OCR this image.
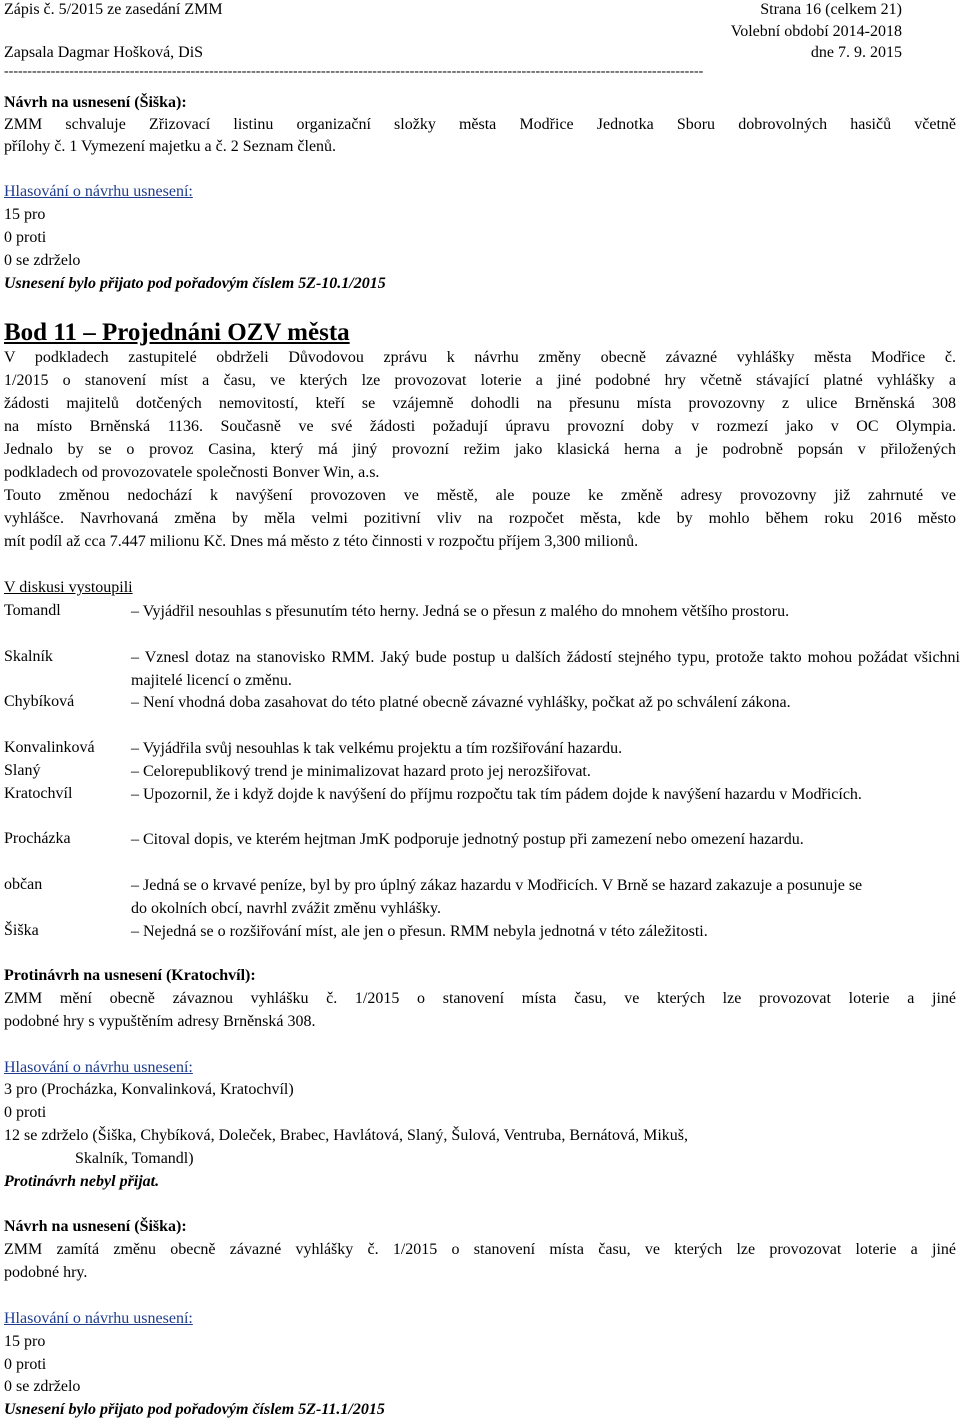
Zápis č. 5/2015 ze zasedání ZMM	Strana 16 (celkem 21)
Volební období 2014-2018
Zapsala Dagmar Hošková, DiS	dne 7. 9. 2015
------------------------------------------------------------------------------------------------------------------------------------------------------
Návrh na usnesení (Šiška):
ZMM schvaluje Zřizovací listinu organizační složky města Modřice Jednotka Sboru dobrovolných hasičů včetně
přílohy č. 1 Vymezení majetku a č. 2 Seznam členů.
Hlasování o návrhu usnesení:
15 pro
0 proti
0 se zdrželo
Usnesení bylo přijato pod pořadovým číslem 5Z-10.1/2015
Bod 11 – Projednáni OZV města
V podkladech zastupitelé obdrželi Důvodovou zprávu k návrhu změny obecně závazné vyhlášky města Modřice č.
1/2015 o stanovení míst a času, ve kterých lze provozovat loterie a jiné podobné hry včetně stávající platné vyhlášky a
žádosti majitelů dotčených nemovitostí, kteří se vzájemně dohodli na přesunu místa provozovny z ulice Brněnská 308
na místo Brněnská 1136. Současně ve své žádosti požadují úpravu provozní doby v rozmezí jako v OC Olympia.
Jednalo by se o provoz Casina, který má jiný provozní režim jako klasická herna a je podrobně popsán v přiložených
podkladech od provozovatele společnosti Bonver Win, a.s.
Touto změnou nedochází k navýšení provozoven ve městě, ale pouze ke změně adresy provozovny již zahrnuté ve
vyhlášce. Navrhovaná změna by měla velmi pozitivní vliv na rozpočet města, kde by mohlo během roku 2016 město
mít podíl až cca 7.447 milionu Kč. Dnes má město z této činnosti v rozpočtu příjem 3,300 milionů.
V diskusi vystoupili
Tomandl	– Vyjádřil nesouhlas s přesunutím této herny. Jedná se o přesun z malého do mnohem většího prostoru.
Skalník	– Vznesl dotaz na stanovisko RMM. Jaký bude postup u dalších žádostí stejného typu, protože takto mohou požádat všichni majitelé licencí o změnu.
Chybíková	– Není vhodná doba zasahovat do této platné obecně závazné vyhlášky, počkat až po schválení zákona.
Konvalinková – Vyjádřila svůj nesouhlas k tak velkému projektu a tím rozšiřování hazardu.
Slaný	– Celorepublikový trend je minimalizovat hazard proto jej nerozšiřovat.
Kratochvíl	– Upozornil, že i když dojde k navýšení do příjmu rozpočtu tak tím pádem dojde k navýšení hazardu v Modřicích.
Procházka	– Citoval dopis, ve kterém hejtman JmK podporuje jednotný postup při zamezení nebo omezení hazardu.
občan	– Jedná se o krvavé peníze, byl by pro úplný zákaz hazardu v Modřicích. V Brně se hazard zakazuje a posunuje se do okolních obcí, navrhl zvážit změnu vyhlášky.
Šiška	– Nejedná se o rozšiřování míst, ale jen o přesun. RMM nebyla jednotná v této záležitosti.
Protinávrh na usnesení (Kratochvíl):
ZMM mění obecně závaznou vyhlášku č. 1/2015 o stanovení místa času, ve kterých lze provozovat loterie a jiné
podobné hry s vypuštěním adresy Brněnská 308.
Hlasování o návrhu usnesení:
3 pro (Procházka, Konvalinková, Kratochvíl)
0 proti
12 se zdrželo (Šiška, Chybíková, Doleček, Brabec, Havlátová, Slaný, Šulová, Ventruba, Bernátová, Mikuš,
Skalník, Tomandl)
Protinávrh nebyl přijat.
Návrh na usnesení (Šiška):
ZMM zamítá změnu obecně závazné vyhlášky č. 1/2015 o stanovení místa času, ve kterých lze provozovat loterie a jiné
podobné hry.
Hlasování o návrhu usnesení:
15 pro
0 proti
0 se zdrželo
Usnesení bylo přijato pod pořadovým číslem 5Z-11.1/2015
